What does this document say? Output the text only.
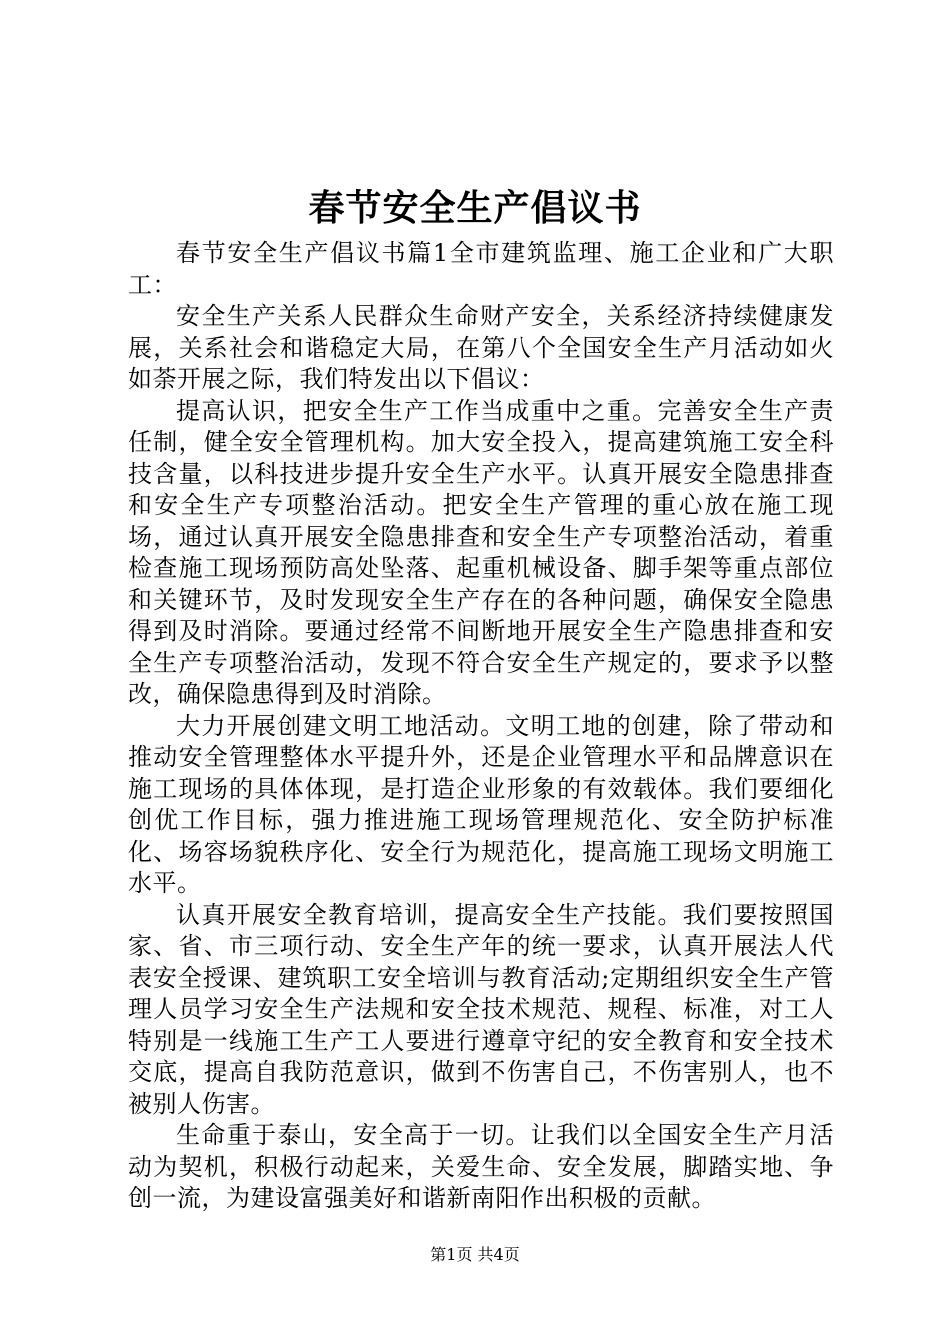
春节安全生产倡议书

春节安全生产倡议书篇1全市建筑监理、施工企业和广大职工：

安全生产关系人民群众生命财产安全，关系经济持续健康发展，关系社会和谐稳定大局，在第八个全国安全生产月活动如火如荼开展之际，我们特发出以下倡议：

提高认识，把安全生产工作当成重中之重。完善安全生产责任制，健全安全管理机构。加大安全投入，提高建筑施工安全科技含量，以科技进步提升安全生产水平。认真开展安全隐患排查和安全生产专项整治活动。把安全生产管理的重心放在施工现场，通过认真开展安全隐患排查和安全生产专项整治活动，着重检查施工现场预防高处坠落、起重机械设备、脚手架等重点部位和关键环节，及时发现安全生产存在的各种问题，确保安全隐患得到及时消除。要通过经常不间断地开展安全生产隐患排查和安全生产专项整治活动，发现不符合安全生产规定的，要求予以整改，确保隐患得到及时消除。

大力开展创建文明工地活动。文明工地的创建，除了带动和推动安全管理整体水平提升外，还是企业管理水平和品牌意识在施工现场的具体体现，是打造企业形象的有效载体。我们要细化创优工作目标，强力推进施工现场管理规范化、安全防护标准化、场容场貌秩序化、安全行为规范化，提高施工现场文明施工水平。

认真开展安全教育培训，提高安全生产技能。我们要按照国家、省、市三项行动、安全生产年的统一要求，认真开展法人代表安全授课、建筑职工安全培训与教育活动;定期组织安全生产管理人员学习安全生产法规和安全技术规范、规程、标准，对工人特别是一线施工生产工人要进行遵章守纪的安全教育和安全技术交底，提高自我防范意识，做到不伤害自己，不伤害别人，也不被别人伤害。

生命重于泰山，安全高于一切。让我们以全国安全生产月活动为契机，积极行动起来，关爱生命、安全发展，脚踏实地、争创一流，为建设富强美好和谐新南阳作出积极的贡献。

第1页 共4页
